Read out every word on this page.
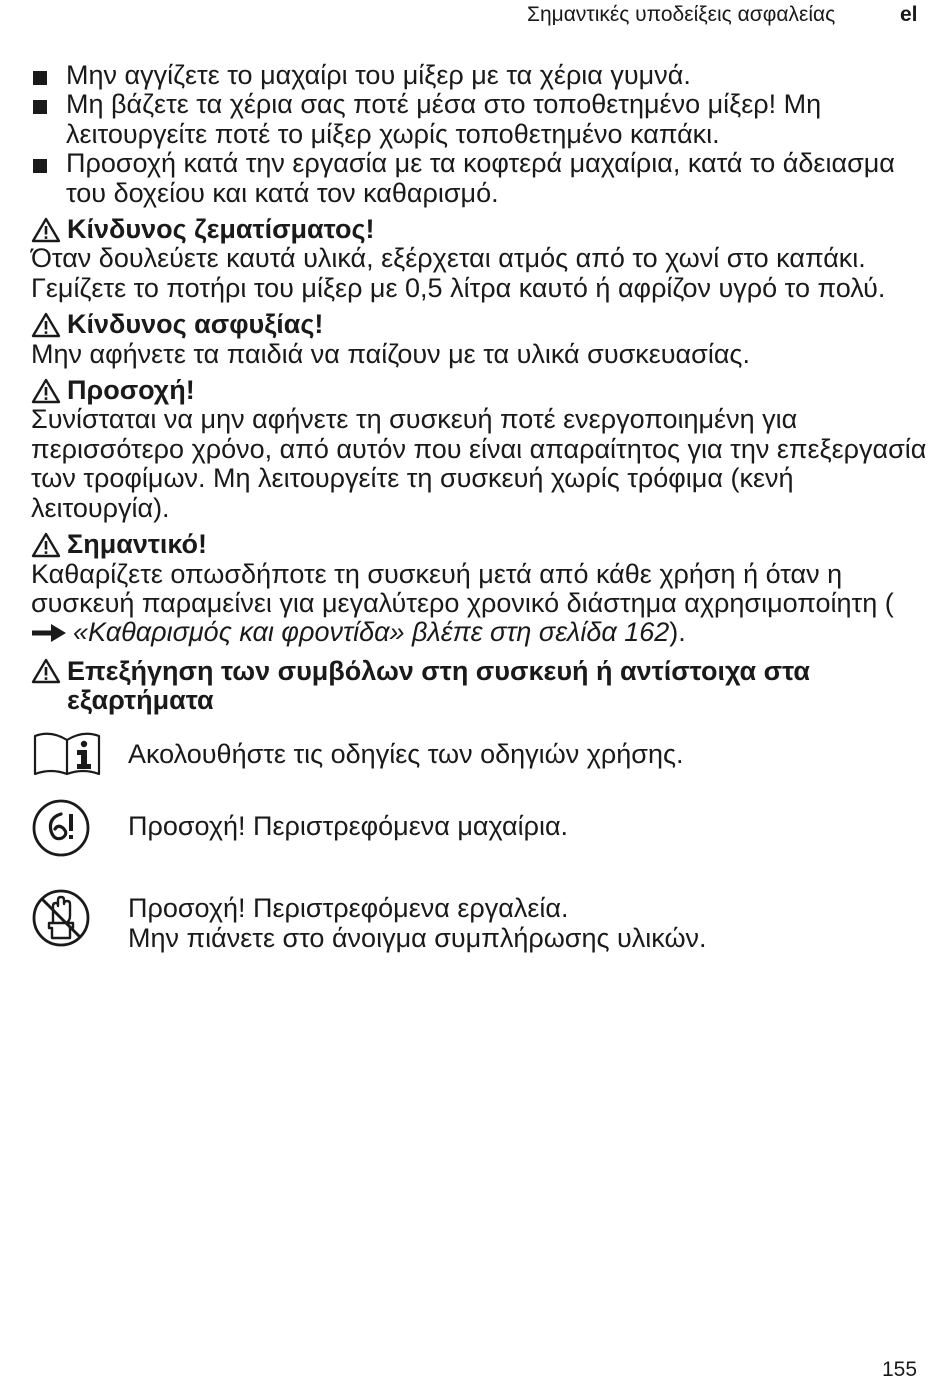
Σημαντικές υποδείξεις ασφαλείας	el
Μην αγγίζετε το μαχαίρι του μίξερ με τα χέρια γυμνά.
Μη βάζετε τα χέρια σας ποτέ μέσα στο τοποθετημένο μίξερ! Μη λειτουργείτε ποτέ το μίξερ χωρίς τοποθετημένο καπάκι.
Προσοχή κατά την εργασία με τα κοφτερά μαχαίρια, κατά το άδειασμα του δοχείου και κατά τον καθαρισμό.
Κίνδυνος ζεματίσματος!

Όταν δουλεύετε καυτά υλικά, εξέρχεται ατμός από το χωνί στο καπάκι. Γεμίζετε το ποτήρι του μίξερ με 0,5 λίτρα καυτό ή αφρίζον υγρό το πολύ.

Κίνδυνος ασφυξίας!

Μην αφήνετε τα παιδιά να παίζουν με τα υλικά συσκευασίας.

Προσοχή!

Συνίσταται να μην αφήνετε τη συσκευή ποτέ ενεργοποιημένη για περισσότερο χρόνο, από αυτόν που είναι απαραίτητος για την επεξεργασία των τροφίμων. Μη λειτουργείτε τη συσκευή χωρίς τρόφιμα (κενή λειτουργία).

Σημαντικό!

Καθαρίζετε οπωσδήποτε τη συσκευή μετά από κάθε χρήση ή όταν η συσκευή παραμείνει για μεγαλύτερο χρονικό διάστημα αχρησιμοποίητη («Καθαρισμός και φροντίδα» βλέπε στη σελίδα 162).

Επεξήγηση των συμβόλων στη συσκευή ή αντίστοιχα στα εξαρτήματα
Ακολουθήστε τις οδηγίες των οδηγιών χρήσης.
Προσοχή! Περιστρεφόμενα μαχαίρια.
Προσοχή! Περιστρεφόμενα εργαλεία.
Μην πιάνετε στο άνοιγμα συμπλήρωσης υλικών.
155
